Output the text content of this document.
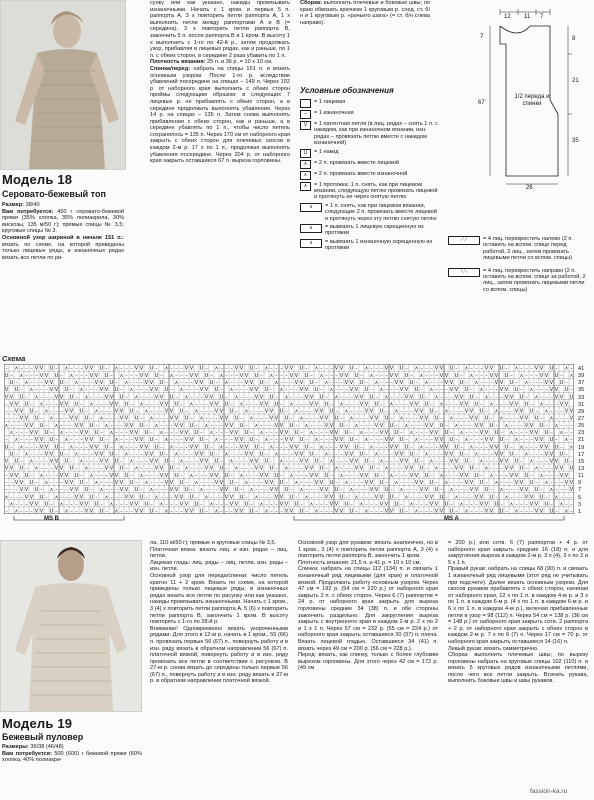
Модель 18
Серовато-бежевый топ

Размер: 38/40

Вам потребуется: 450 г серовато-бежевой пряжи (35% хлопка, 35% полиакрила, 30% вискозы, 135 м/50 г); прямые спицы № 3,5; круговые спицы № 3.

Основной узор шириной в начале 151 п.: вязать по схеме, на которой приведены только лицевые ряды, в изнаночных рядах вязать все петли по ри-

сунку или как указано, накиды провязывать изнаночными. Начать с 1 кром. и первых 5 п. раппорта А, 3 х повторить петли раппорта А, 1 х выполнить петли между раппортами А и В (= середина), 3 х повторить петли раппорта В, закончить 5 п. после раппорта В и 1 кром. В высоту 1 х выполнить с 1-го по 42-й р., затем продолжать узор, прибавляя в лицевых рядах, как и раньше, по 1 п. с обеих сторон, в середине 2 раза убавить по 1 п.

Плотность вязания: 25 п. и 36 р. = 10 х 10 см.

Спинка/перед: набрать на спицы 151 п. и вязать основным узором. После 1-го р. вследствие убавлений посередине на спицах – 149 п. Через 102 р. от наборного края выполнить с обеих сторон проймы следующим образом: в следующих 7 лицевых р. не прибавлять с обеих сторон, а в середине продолжать выполнять убавления. Через 14 р. на спицах – 135 п. Затем снова выполнять прибавления с обеих сторон, как и раньше, а в середине убавлять по 1 п., чтобы число петель сохранялось = 135 п. Через 170 см от наборного края закрыть с обеих сторон для плечевых скосов в каждом 2-м р. 17 х по 1 п., продолжая выполнять убавления посередине. Через 204 р. от наборного края закрыть оставшиеся 67 п. вырезa горловины.

Сборка: выполнить плечевые и боковые швы; по краю обвязать крючком 1 круговым р. соед. ст. б/н и 1 круговым р. «рачьего шага» (= ст. б/н слева направо).

Условные обозначения
= 1 лицевая
–	= 1 изнаночная
V	= 1 патентная петля (в лиц. рядах – снять 1 п. с накидом, как при изнаночном вязании, изн. рядах – провязать петлю вместе с накидом изнаночной)
U	= 1 накид
∧	= 2 п. провязать вместе лицевой
∧	= 2 п. провязать вместе изнаночной
∧	= 1 протяжка: 1 п. снять, как при лицевом вязании, следующую петлю провязать лицевой и протянуть ее через снятую петлю
∧	= 1 п. снять, как при лицевом вязании, следующие 2 п. провязать вместе лицевой и протянуть через эту петлю снятую петлю
∧	= вывязать 1 лицевую скрещенную из протяжки
∧	= вывязать 1 изнаночную скрещенную из протяжки
⟋⟋	= 4 лиц. перекрестить налево (2 п. оставить на вспом. спице перед работой, 2 лиц., затем провязать лицевыми петли со вспом. спицы)
⟍⟍	= 4 лиц. перекрестить направо (2 п. оставить на вспом. спице за работой, 2 лиц., затем провязать лицевыми петли со вспом. спицы)
12 11 7
7	8
21
67
35
26
1/2 переда и спинки
Схема
– ∧ – – – V V U – ∧ – – – V V U – ∧ – – – V V U – ∧ – – – V V U – ∧ – – – V V U – ∧ – – – V V U – ∧ – – – V V U – ∧ – – – V V U – ∧ – – – V V U – ∧ – – – V V U – ∧ – – – V V U – ∧ –
U – ∧ – – – V V U – ∧ – – – V V U – ∧ – – – V V U – ∧ – – – V V U – ∧ – – – V V U – ∧ – – – V V U – ∧ – – – V V U – ∧ – – – V V U – ∧ – – – V V U – ∧ – – – V V U – ∧ – – – V V U – ∧
U – ∧ – – – V V U – ∧ – – – V V U – ∧ – – – V V U – ∧ – – – V V U – ∧ – – – V V U – ∧ – – – V V U – ∧ – – – V V U – ∧ – – – V V U – ∧ – – – V V U – ∧ – – – V V U – ∧ – – – V V U –
V U – ∧ – – – V V U – ∧ – – – V V U – ∧ – – – V V U – ∧ – – – V V U – ∧ – – – V V U – ∧ – – – V V U – ∧ – – – V V U – ∧ – – – V V U – ∧ – – – V V U – ∧ – – – V V U – ∧ – – – V V U –
V V U – ∧ – – – V V U – ∧ – – – V V U – ∧ – – – V V U – ∧ – – – V V U – ∧ – – – V V U – ∧ – – – V V U – ∧ – – – V V U – ∧ – – – V V U – ∧ – – – V V U – ∧ – – – V V U – ∧ – – – V V U
– V V U – ∧ – – – V V U – ∧ – – – V V U – ∧ – – – V V U – ∧ – – – V V U – ∧ – – – V V U – ∧ – – – V V U – ∧ – – – V V U – ∧ – – – V V U – ∧ – – – V V U – ∧ – – – V V U – ∧ – – – V V
– – V V U – ∧ – – – V V U – ∧ – – – V V U – ∧ – – – V V U – ∧ – – – V V U – ∧ – – – V V U – ∧ – – – V V U – ∧ – – – V V U – ∧ – – – V V U – ∧ – – – V V U – ∧ – – – V V U – ∧ – – – V V
– – – V V U – ∧ – – – V V U – ∧ – – – V V U – ∧ – – – V V U – ∧ – – – V V U – ∧ – – – V V U – ∧ – – – V V U – ∧ – – – V V U – ∧ – – – V V U – ∧ – – – V V U – ∧ – – – V V U – ∧ – – – V
∧ – – – V V U – ∧ – – – V V U – ∧ – – – V V U – ∧ – – – V V U – ∧ – – – V V U – ∧ – – – V V U – ∧ – – – V V U – ∧ – – – V V U – ∧ – – – V V U – ∧ – – – V V U – ∧ – – – V V U – ∧ – – –
∧ – – – V V U – ∧ – – – V V U – ∧ – – – V V U – ∧ – – – V V U – ∧ – – – V V U – ∧ – – – V V U – ∧ – – – V V U – ∧ – – – V V U – ∧ – – – V V U – ∧ – – – V V U – ∧ – – – V V U – ∧ – –
– ∧ – – – V V U – ∧ – – – V V U – ∧ – – – V V U – ∧ – – – V V U – ∧ – – – V V U – ∧ – – – V V U – ∧ – – – V V U – ∧ – – – V V U – ∧ – – – V V U – ∧ – – – V V U – ∧ – – – V V U – ∧ –
U – ∧ – – – V V U – ∧ – – – V V U – ∧ – – – V V U – ∧ – – – V V U – ∧ – – – V V U – ∧ – – – V V U – ∧ – – – V V U – ∧ – – – V V U – ∧ – – – V V U – ∧ – – – V V U – ∧ – – – V V U – ∧
U – ∧ – – – V V U – ∧ – – – V V U – ∧ – – – V V U – ∧ – – – V V U – ∧ – – – V V U – ∧ – – – V V U – ∧ – – – V V U – ∧ – – – V V U – ∧ – – – V V U – ∧ – – – V V U – ∧ – – – V V U –
V U – ∧ – – – V V U – ∧ – – – V V U – ∧ – – – V V U – ∧ – – – V V U – ∧ – – – V V U – ∧ – – – V V U – ∧ – – – V V U – ∧ – – – V V U – ∧ – – – V V U – ∧ – – – V V U – ∧ – – – V V U –
V V U – ∧ – – – V V U – ∧ – – – V V U – ∧ – – – V V U – ∧ – – – V V U – ∧ – – – V V U – ∧ – – – V V U – ∧ – – – V V U – ∧ – – – V V U – ∧ – – – V V U – ∧ – – – V V U – ∧ – – – V V U
– V V U – ∧ – – – V V U – ∧ – – – V V U – ∧ – – – V V U – ∧ – – – V V U – ∧ – – – V V U – ∧ – – – V V U – ∧ – – – V V U – ∧ – – – V V U – ∧ – – – V V U – ∧ – – – V V U – ∧ – – – V V
– – V V U – ∧ – – – V V U – ∧ – – – V V U – ∧ – – – V V U – ∧ – – – V V U – ∧ – – – V V U – ∧ – – – V V U – ∧ – – – V V U – ∧ – – – V V U – ∧ – – – V V U – ∧ – – – V V U – ∧ – – – V V
– – – V V U – ∧ – – – V V U – ∧ – – – V V U – ∧ – – – V V U – ∧ – – – V V U – ∧ – – – V V U – ∧ – – – V V U – ∧ – – – V V U – ∧ – – – V V U – ∧ – – – V V U – ∧ – – – V V U – ∧ – – – V
∧ – – – V V U – ∧ – – – V V U – ∧ – – – V V U – ∧ – – – V V U – ∧ – – – V V U – ∧ – – – V V U – ∧ – – – V V U – ∧ – – – V V U – ∧ – – – V V U – ∧ – – – V V U – ∧ – – – V V U – ∧ – – –
∧ – – – V V U – ∧ – – – V V U – ∧ – – – V V U – ∧ – – – V V U – ∧ – – – V V U – ∧ – – – V V U – ∧ – – – V V U – ∧ – – – V V U – ∧ – – – V V U – ∧ – – – V V U – ∧ – – – V V U – ∧ – –
– ∧ – – – V V U – ∧ – – – V V U – ∧ – – – V V U – ∧ – – – V V U – ∧ – – – V V U – ∧ – – – V V U – ∧ – – – V V U – ∧ – – – V V U – ∧ – – – V V U – ∧ – – – V V U – ∧ – – – V V U – ∧ –
41
39
37
35
33
31
29
27
25
23
21
19
17
15
13
11
9
7
5
3
1
MS B	MS A
Модель 19
Бежевый пуловер

Размеры: 36/38 (46/48)

Вам потребуется: 500 (600) г бежевой пряжи (60% хлопка, 40% полиакри-

ла, 110 м/50 г); прямые и круговые спицы № 3,5.

Платочная вязка: вязать лиц. и изн. рядах – лиц. петли.

Лицевая гладь: лиц. ряды – лиц. петли, изн. ряды – изн. петли.

Основной узор для переда/спинки: число петель кратно 11 + 2 кром. Вязать по схеме, на которой приведены только лицевые ряды, в изнаночных рядах вязать все петли по рисунку или как указано, накиды провязывать изнаночными. Начать с 1 кром., 3 (4) х повторить петли раппорта А, 5 (6) х повторить петли раппорта В, закончить 1 кром. В высоту повторять с 1-го по 28-й р.

Внимание! Одновременно вязать укороченными рядами. Для этого в 12-м р. начать в 1 кром., 55 (66) п. провязать первые 56 (67) п., повернуть работу и в изн. ряду вязать в обратном направлении 56 (67) п. платочной вязкой, повернуть работу и в изн. ряду провязать все петли в соответствии с рисунком. В 27-м р. снова вязать до середины только первые 56 (67) п., повернуть работу и в изн. ряду вязать в 27-м р. в обратном направлении платочной вязкой.

Основной узор для рукавов: вязать аналогично, но в 1 кром., 3 (4) х повторить петли раппорта А, 3 (4) х повторить петли раппорта В, закончить 1 кром.

Плотность вязания: 21,5 п. и 41 р. = 10 х 10 см.

Спинка: набрать на спицы 112 (134) п. и связать 1 изнаночный ряд лицевыми (для края) и платочной вязкой. Продолжать работу основным узором. Через 47 см = 192 р. (54 см = 220 р.) от наборного края закрыть 2 п. с обеих сторон. Через 6 (7) раппортов = 24 р. от наборного края закрыть для выреза горловины средние 34 (38) п. и обе стороны закончить раздельно. Для закругления выреза закрыть с внутреннего края в каждом 2-м р. 2 х по 2 и 1 х 1 п. Через 57 см = 232 р. (55 см = 224 р.) от наборного края закрыть оставшиеся 30 (37) п. плеча. Вязать лицевой гладью. Оставшиеся 34 (41) п. вязать через 49 см = 200 р. (56 см = 228 р.).

Перед: вязать, как спинку, только с более глубоким вырезом горловины. Для этого через 42 см = 172 р. (49 см

= 200 р.) или сотв. 6 (7) раппортов + 4 р. от наборного края закрыть средние 16 (18) п. и для закругления выреза в каждом 2-м р. 3 х (4), 3 х по 2 и 5 х 1 п.

Правый рукав: набрать на спицы 68 (90) п. и связать 1 изнаночный ряд лицевыми (этот ряд не учитывать при подсчете). Далее вязать основным узором. Для скосов рукавов прибавлять с обеих сторон, начиная от наборного края, 12 х по 1 п. в каждом 4-м р. и 3 х по 1 п. в каждом 6-м р. (4 х по 1 п. в каждом 6-м р. и 6 х по 1 п. в каждом 4-м р.), включая прибавленные петли в узор = 98 (112) п. Через 54 см = 138 р. (36 см = 148 р.) от наборного края закрыть сотв. 2 раппорта + 2 р. от наборного края закрыть с обеих сторон в каждом 2-м р. 7 х по 6 (7) п. Через 17 см = 70 р. от наборного края закрыть оставшиеся 14 (16) п.

Левый рукав: вязать симметрично.

Сборка: выполнить плечевые швы; по вырезу горловины набрать на круговые спицы 102 (110) п. и вязать 5 круговых рядов изнаночными петлями, после чего все петли закрыть. Втачать рукава, выполнить боковые швы и швы рукавов.

fassion-ka.ru
